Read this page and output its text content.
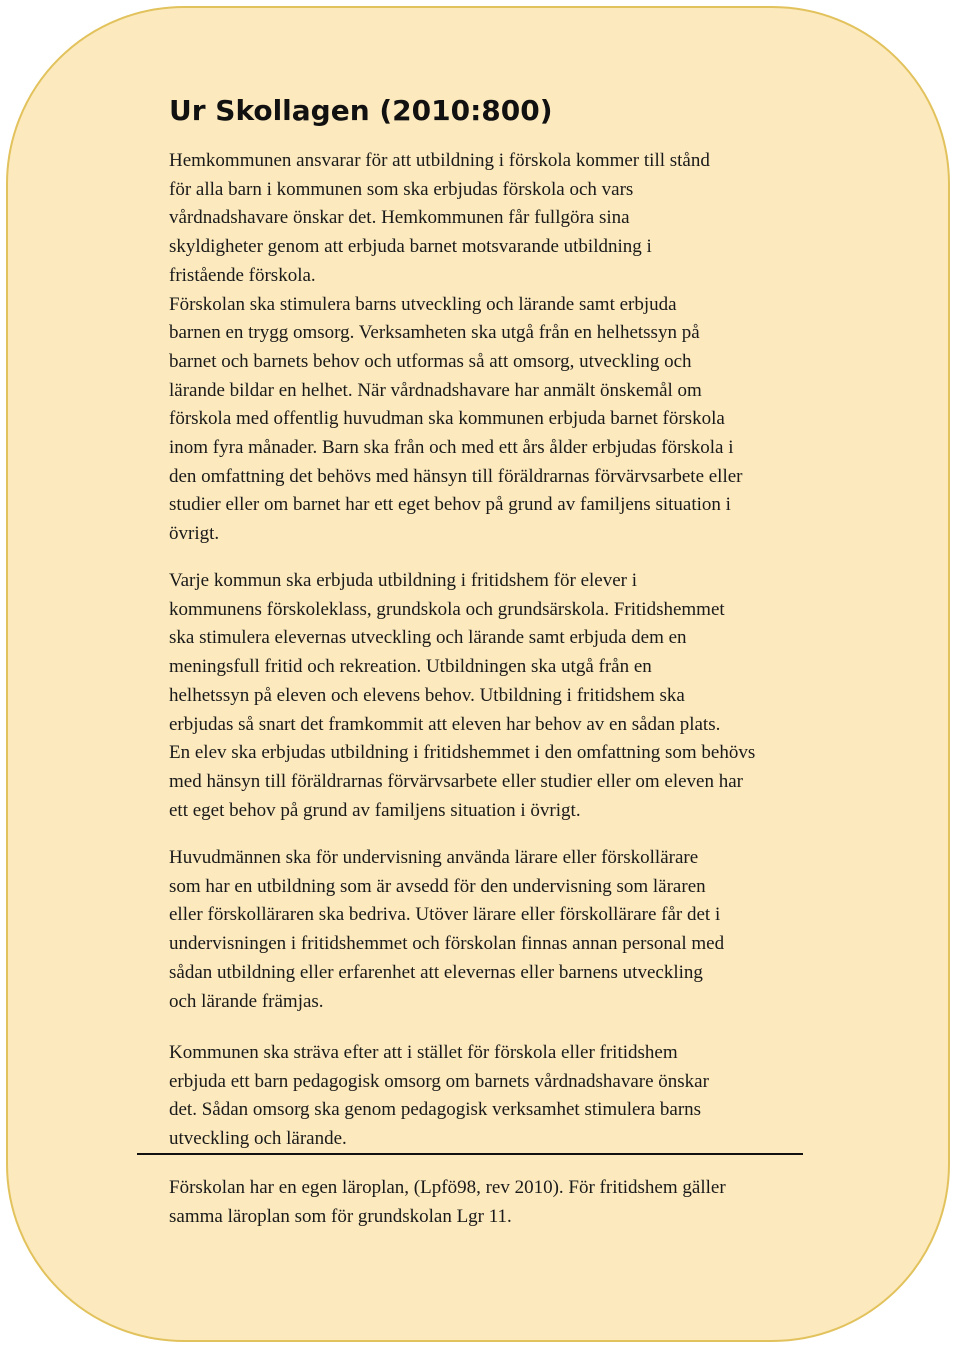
Ur Skollagen (2010:800)
Hemkommunen ansvarar för att utbildning i förskola kommer till stånd
för alla barn i kommunen som ska erbjudas förskola och vars
vårdnadshavare önskar det. Hemkommunen får fullgöra sina
skyldigheter genom att erbjuda barnet motsvarande utbildning i
fristående förskola.
Förskolan ska stimulera barns utveckling och lärande samt erbjuda
barnen en trygg omsorg. Verksamheten ska utgå från en helhetssyn på
barnet och barnets behov och utformas så att omsorg, utveckling och
lärande bildar en helhet. När vårdnadshavare har anmält önskemål om
förskola med offentlig huvudman ska kommunen erbjuda barnet förskola
inom fyra månader. Barn ska från och med ett års ålder erbjudas förskola i
den omfattning det behövs med hänsyn till föräldrarnas förvärvsarbete eller
studier eller om barnet har ett eget behov på grund av familjens situation i
övrigt.
Varje kommun ska erbjuda utbildning i fritidshem för elever i
kommunens förskoleklass, grundskola och grundsärskola. Fritidshemmet
ska stimulera elevernas utveckling och lärande samt erbjuda dem en
meningsfull fritid och rekreation. Utbildningen ska utgå från en
helhetssyn på eleven och elevens behov. Utbildning i fritidshem ska
erbjudas så snart det framkommit att eleven har behov av en sådan plats.
En elev ska erbjudas utbildning i fritidshemmet i den omfattning som behövs
med hänsyn till föräldrarnas förvärvsarbete eller studier eller om eleven har
ett eget behov på grund av familjens situation i övrigt.
Huvudmännen ska för undervisning använda lärare eller förskollärare
som har en utbildning som är avsedd för den undervisning som läraren
eller förskolläraren ska bedriva. Utöver lärare eller förskollärare får det i
undervisningen i fritidshemmet och förskolan finnas annan personal med
sådan utbildning eller erfarenhet att elevernas eller barnens utveckling
och lärande främjas.
Kommunen ska sträva efter att i stället för förskola eller fritidshem
erbjuda ett barn pedagogisk omsorg om barnets vårdnadshavare önskar
det. Sådan omsorg ska genom pedagogisk verksamhet stimulera barns
utveckling och lärande.
Förskolan har en egen läroplan, (Lpfö98, rev 2010). För fritidshem gäller
samma läroplan som för grundskolan Lgr 11.
